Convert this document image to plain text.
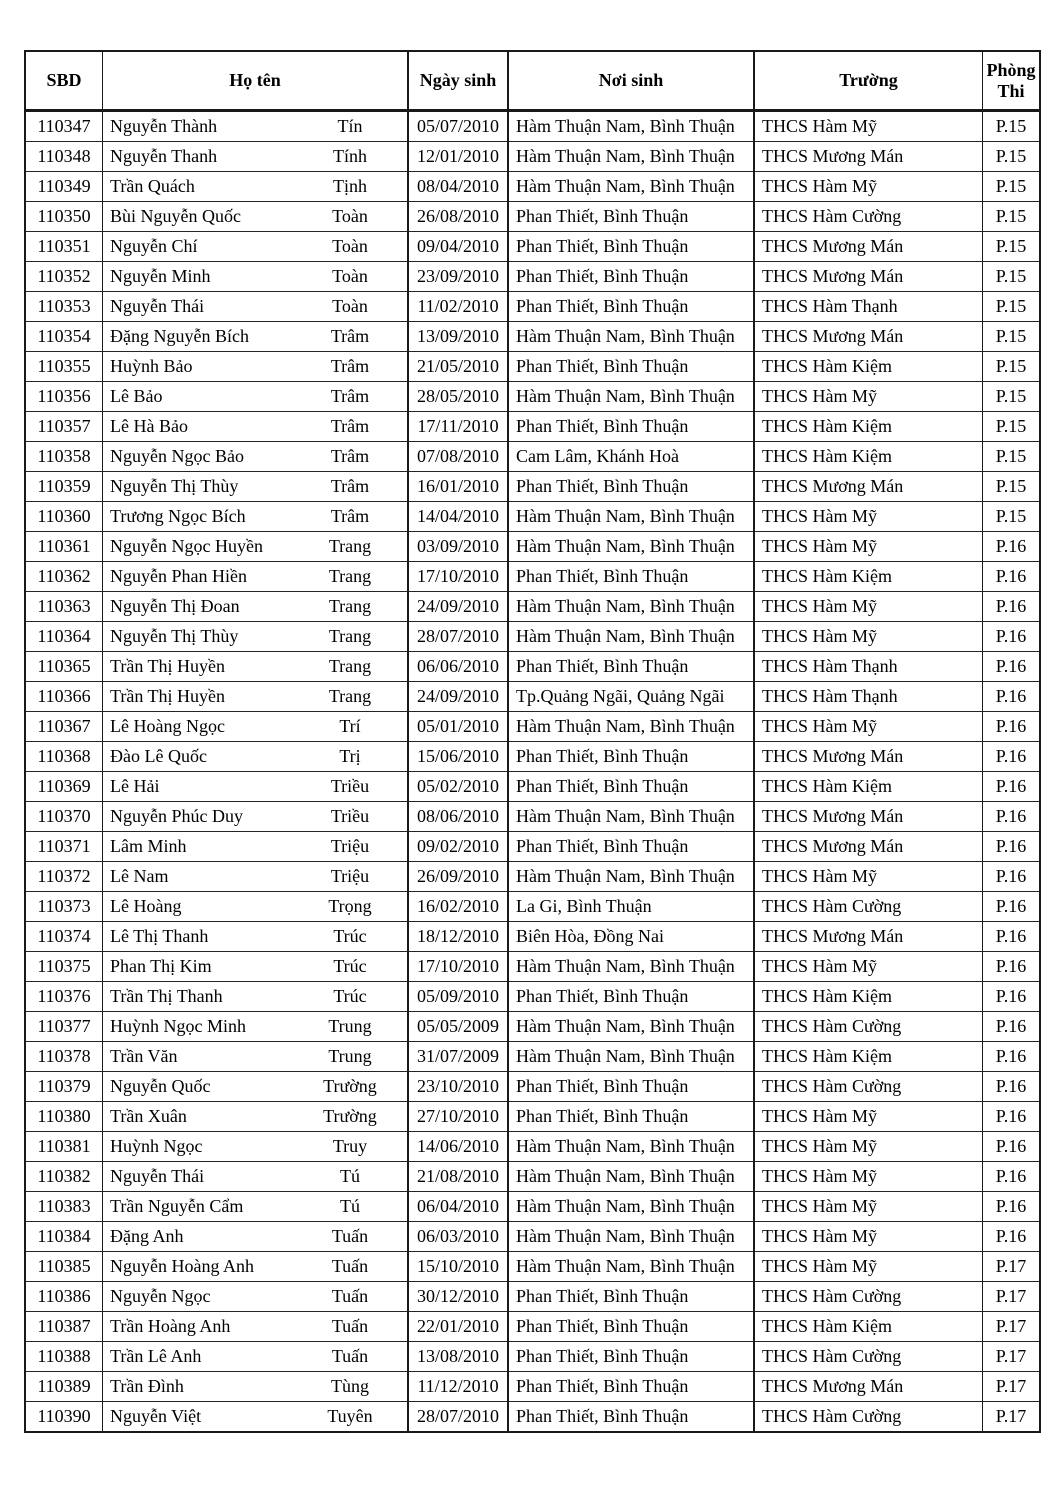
SBD	Họ tên	Ngày sinh	Nơi sinh	Trường	Phòng Thi
110347	Nguyễn Thành Tín	05/07/2010	Hàm Thuận Nam, Bình Thuận	THCS Hàm Mỹ	P.15
110348	Nguyễn Thanh Tính	12/01/2010	Hàm Thuận Nam, Bình Thuận	THCS Mương Mán	P.15
110349	Trần Quách Tịnh	08/04/2010	Hàm Thuận Nam, Bình Thuận	THCS Hàm Mỹ	P.15
110350	Bùi Nguyễn Quốc Toàn	26/08/2010	Phan Thiết, Bình Thuận	THCS Hàm Cường	P.15
110351	Nguyễn Chí Toàn	09/04/2010	Phan Thiết, Bình Thuận	THCS Mương Mán	P.15
110352	Nguyễn Minh Toàn	23/09/2010	Phan Thiết, Bình Thuận	THCS Mương Mán	P.15
110353	Nguyễn Thái Toàn	11/02/2010	Phan Thiết, Bình Thuận	THCS Hàm Thạnh	P.15
110354	Đặng Nguyễn Bích Trâm	13/09/2010	Hàm Thuận Nam, Bình Thuận	THCS Mương Mán	P.15
110355	Huỳnh Bảo Trâm	21/05/2010	Phan Thiết, Bình Thuận	THCS Hàm Kiệm	P.15
110356	Lê Bảo Trâm	28/05/2010	Hàm Thuận Nam, Bình Thuận	THCS Hàm Mỹ	P.15
110357	Lê Hà Bảo Trâm	17/11/2010	Phan Thiết, Bình Thuận	THCS Hàm Kiệm	P.15
110358	Nguyễn Ngọc Bảo Trâm	07/08/2010	Cam Lâm, Khánh Hoà	THCS Hàm Kiệm	P.15
110359	Nguyễn Thị Thùy Trâm	16/01/2010	Phan Thiết, Bình Thuận	THCS Mương Mán	P.15
110360	Trương Ngọc Bích Trâm	14/04/2010	Hàm Thuận Nam, Bình Thuận	THCS Hàm Mỹ	P.15
110361	Nguyễn Ngọc Huyền Trang	03/09/2010	Hàm Thuận Nam, Bình Thuận	THCS Hàm Mỹ	P.16
110362	Nguyễn Phan Hiền Trang	17/10/2010	Phan Thiết, Bình Thuận	THCS Hàm Kiệm	P.16
110363	Nguyễn Thị Đoan Trang	24/09/2010	Hàm Thuận Nam, Bình Thuận	THCS Hàm Mỹ	P.16
110364	Nguyễn Thị Thùy Trang	28/07/2010	Hàm Thuận Nam, Bình Thuận	THCS Hàm Mỹ	P.16
110365	Trần Thị Huyền Trang	06/06/2010	Phan Thiết, Bình Thuận	THCS Hàm Thạnh	P.16
110366	Trần Thị Huyền Trang	24/09/2010	Tp.Quảng Ngãi, Quảng Ngãi	THCS Hàm Thạnh	P.16
110367	Lê Hoàng Ngọc Trí	05/01/2010	Hàm Thuận Nam, Bình Thuận	THCS Hàm Mỹ	P.16
110368	Đào Lê Quốc Trị	15/06/2010	Phan Thiết, Bình Thuận	THCS Mương Mán	P.16
110369	Lê Hải Triều	05/02/2010	Phan Thiết, Bình Thuận	THCS Hàm Kiệm	P.16
110370	Nguyễn Phúc Duy Triều	08/06/2010	Hàm Thuận Nam, Bình Thuận	THCS Mương Mán	P.16
110371	Lâm Minh Triệu	09/02/2010	Phan Thiết, Bình Thuận	THCS Mương Mán	P.16
110372	Lê Nam Triệu	26/09/2010	Hàm Thuận Nam, Bình Thuận	THCS Hàm Mỹ	P.16
110373	Lê Hoàng Trọng	16/02/2010	La Gi, Bình Thuận	THCS Hàm Cường	P.16
110374	Lê Thị Thanh Trúc	18/12/2010	Biên Hòa, Đồng Nai	THCS Mương Mán	P.16
110375	Phan Thị Kim Trúc	17/10/2010	Hàm Thuận Nam, Bình Thuận	THCS Hàm Mỹ	P.16
110376	Trần Thị Thanh Trúc	05/09/2010	Phan Thiết, Bình Thuận	THCS Hàm Kiệm	P.16
110377	Huỳnh Ngọc Minh Trung	05/05/2009	Hàm Thuận Nam, Bình Thuận	THCS Hàm Cường	P.16
110378	Trần Văn Trung	31/07/2009	Hàm Thuận Nam, Bình Thuận	THCS Hàm Kiệm	P.16
110379	Nguyễn Quốc Trường	23/10/2010	Phan Thiết, Bình Thuận	THCS Hàm Cường	P.16
110380	Trần Xuân Trường	27/10/2010	Phan Thiết, Bình Thuận	THCS Hàm Mỹ	P.16
110381	Huỳnh Ngọc Truy	14/06/2010	Hàm Thuận Nam, Bình Thuận	THCS Hàm Mỹ	P.16
110382	Nguyễn Thái Tú	21/08/2010	Hàm Thuận Nam, Bình Thuận	THCS Hàm Mỹ	P.16
110383	Trần Nguyễn Cẩm Tú	06/04/2010	Hàm Thuận Nam, Bình Thuận	THCS Hàm Mỹ	P.16
110384	Đặng Anh Tuấn	06/03/2010	Hàm Thuận Nam, Bình Thuận	THCS Hàm Mỹ	P.16
110385	Nguyễn Hoàng Anh Tuấn	15/10/2010	Hàm Thuận Nam, Bình Thuận	THCS Hàm Mỹ	P.17
110386	Nguyễn Ngọc Tuấn	30/12/2010	Phan Thiết, Bình Thuận	THCS Hàm Cường	P.17
110387	Trần Hoàng Anh Tuấn	22/01/2010	Phan Thiết, Bình Thuận	THCS Hàm Kiệm	P.17
110388	Trần Lê Anh Tuấn	13/08/2010	Phan Thiết, Bình Thuận	THCS Hàm Cường	P.17
110389	Trần Đình Tùng	11/12/2010	Phan Thiết, Bình Thuận	THCS Mương Mán	P.17
110390	Nguyễn Việt Tuyên	28/07/2010	Phan Thiết, Bình Thuận	THCS Hàm Cường	P.17
